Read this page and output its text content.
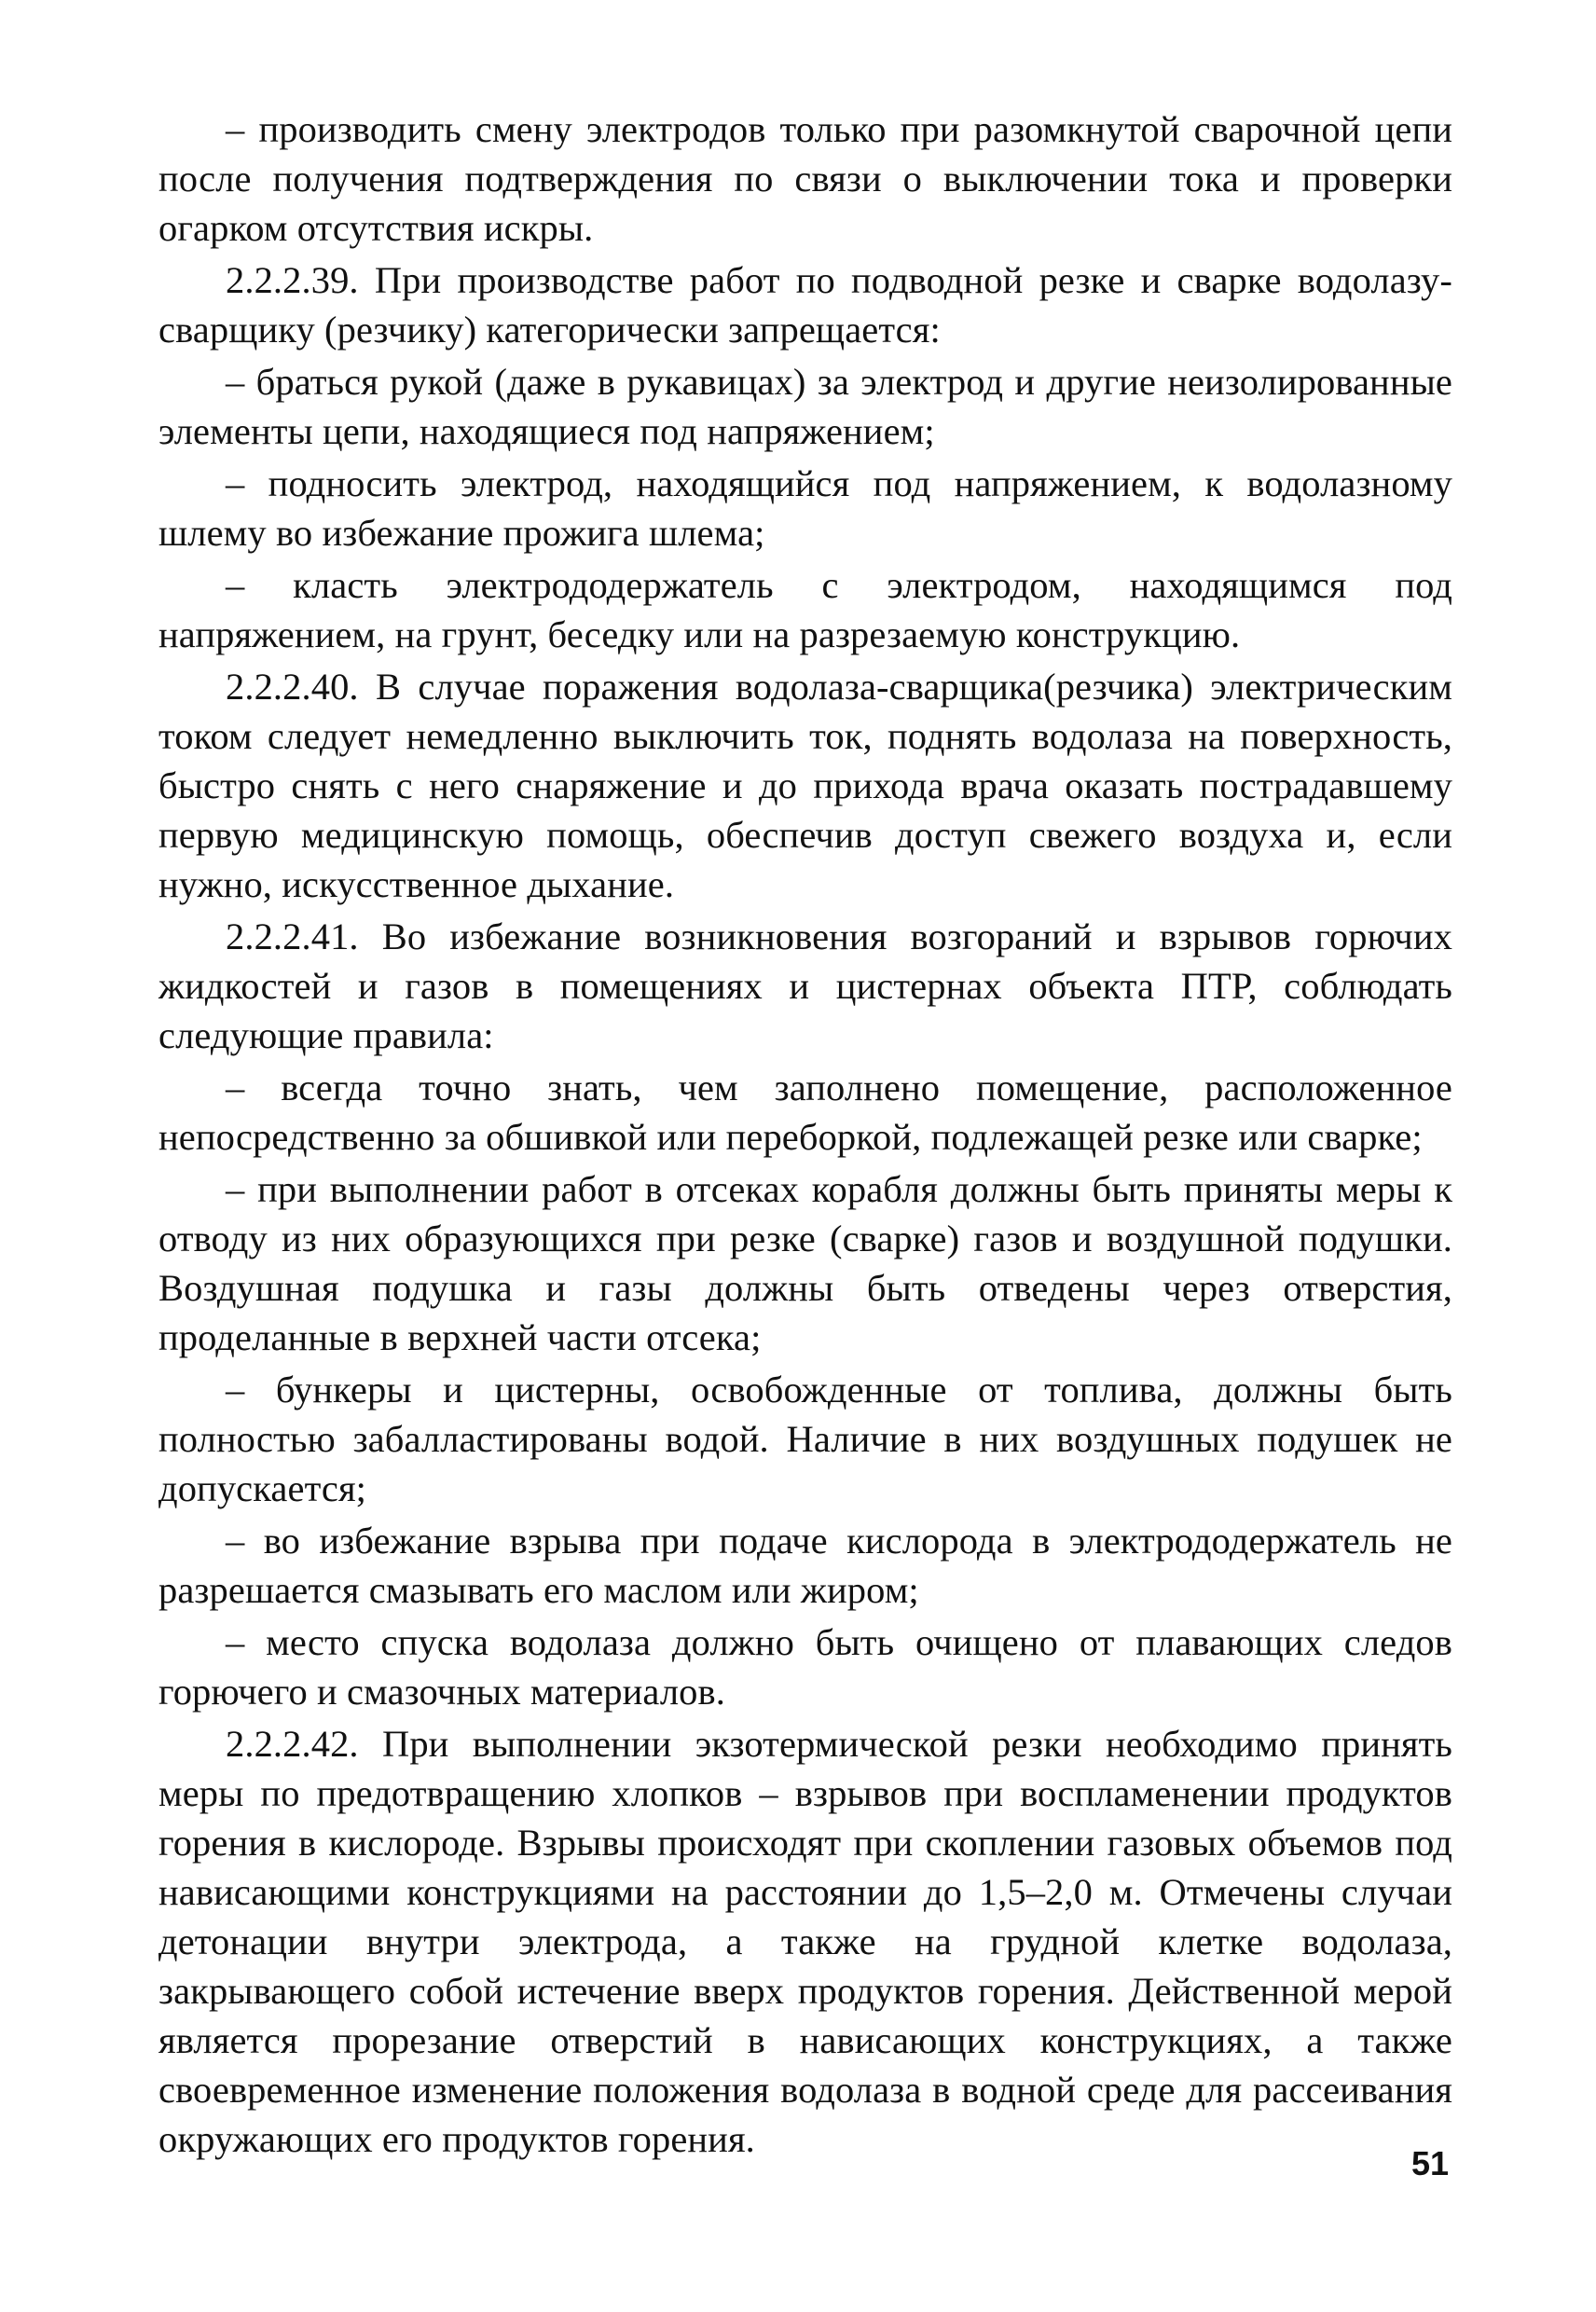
– производить смену электродов только при разомкнутой сварочной цепи после получения подтверждения по связи о выключении тока и проверки огарком отсутствия искры.

2.2.2.39. При производстве работ по подводной резке и сварке водолазу-сварщику (резчику) категорически запрещается:

– браться рукой (даже в рукавицах) за электрод и другие неизолированные элементы цепи, находящиеся под напряжением;

– подносить электрод, находящийся под напряжением, к водолазному шлему во избежание прожига шлема;

– класть электрододержатель с электродом, находящимся под напряжением, на грунт, беседку или на разрезаемую конструкцию.

2.2.2.40. В случае поражения водолаза-сварщика(резчика) электрическим током следует немедленно выключить ток, поднять водолаза на поверхность, быстро снять с него снаряжение и до прихода врача оказать пострадавшему первую медицинскую помощь, обеспечив доступ свежего воздуха и, если нужно, искусственное дыхание.

2.2.2.41. Во избежание возникновения возгораний и взрывов горючих жидкостей и газов в помещениях и цистернах объекта ПТР, соблюдать следующие правила:

– всегда точно знать, чем заполнено помещение, расположенное непосредственно за обшивкой или переборкой, подлежащей резке или сварке;

– при выполнении работ в отсеках корабля должны быть приняты меры к отводу из них образующихся при резке (сварке) газов и воздушной подушки. Воздушная подушка и газы должны быть отведены через отверстия, проделанные в верхней части отсека;

– бункеры и цистерны, освобожденные от топлива, должны быть полностью забалластированы водой. Наличие в них воздушных подушек не допускается;

– во избежание взрыва при подаче кислорода в электрододержатель не разрешается смазывать его маслом или жиром;

– место спуска водолаза должно быть очищено от плавающих следов горючего и смазочных материалов.

2.2.2.42. При выполнении экзотермической резки необходимо принять меры по предотвращению хлопков – взрывов при воспламенении продуктов горения в кислороде. Взрывы происходят при скоплении газовых объемов под нависающими конструкциями на расстоянии до 1,5–2,0 м. Отмечены случаи детонации внутри электрода, а также на грудной клетке водолаза, закрывающего собой истечение вверх продуктов горения. Действенной мерой является прорезание отверстий в нависающих конструкциях, а также своевременное изменение положения водолаза в водной среде для рассеивания окружающих его продуктов горения.

51
